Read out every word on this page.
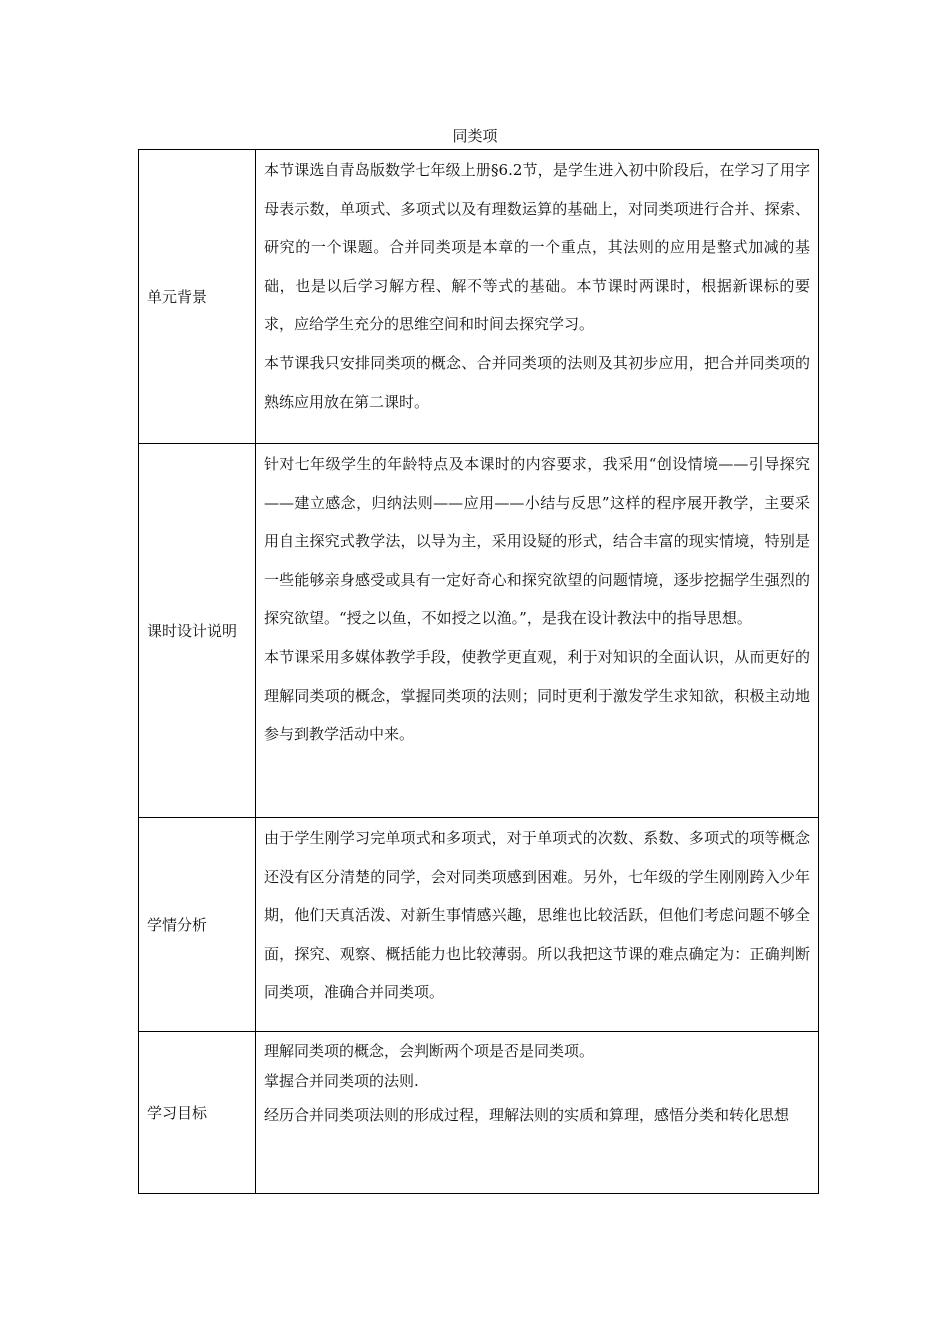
同类项
单元背景	本节课选自青岛版数学七年级上册§6.2节，是学生进入初中阶段后，在学习了用字母表示数，单项式、多项式以及有理数运算的基础上，对同类项进行合并、探索、研究的一个课题。合并同类项是本章的一个重点，其法则的应用是整式加减的基础，也是以后学习解方程、解不等式的基础。本节课时两课时，根据新课标的要求，应给学生充分的思维空间和时间去探究学习。

本节课我只安排同类项的概念、合并同类项的法则及其初步应用，把合并同类项的熟练应用放在第二课时。

课时设计说明	针对七年级学生的年龄特点及本课时的内容要求，我采用“创设情境——引导探究——建立感念，归纳法则——应用——小结与反思”这样的程序展开教学，主要采用自主探究式教学法，以导为主，采用设疑的形式，结合丰富的现实情境，特别是一些能够亲身感受或具有一定好奇心和探究欲望的问题情境，逐步挖掘学生强烈的探究欲望。“授之以鱼，不如授之以渔。”，是我在设计教法中的指导思想。

本节课采用多媒体教学手段，使教学更直观，利于对知识的全面认识，从而更好的理解同类项的概念，掌握同类项的法则；同时更利于激发学生求知欲，积极主动地参与到教学活动中来。

学情分析	由于学生刚学习完单项式和多项式，对于单项式的次数、系数、多项式的项等概念还没有区分清楚的同学，会对同类项感到困难。另外，七年级的学生刚刚跨入少年期，他们天真活泼、对新生事情感兴趣，思维也比较活跃，但他们考虑问题不够全面，探究、观察、概括能力也比较薄弱。所以我把这节课的难点确定为：正确判断同类项，准确合并同类项。

学习目标	理解同类项的概念，会判断两个项是否是同类项。

掌握合并同类项的法则.

经历合并同类项法则的形成过程，理解法则的实质和算理，感悟分类和转化思想
